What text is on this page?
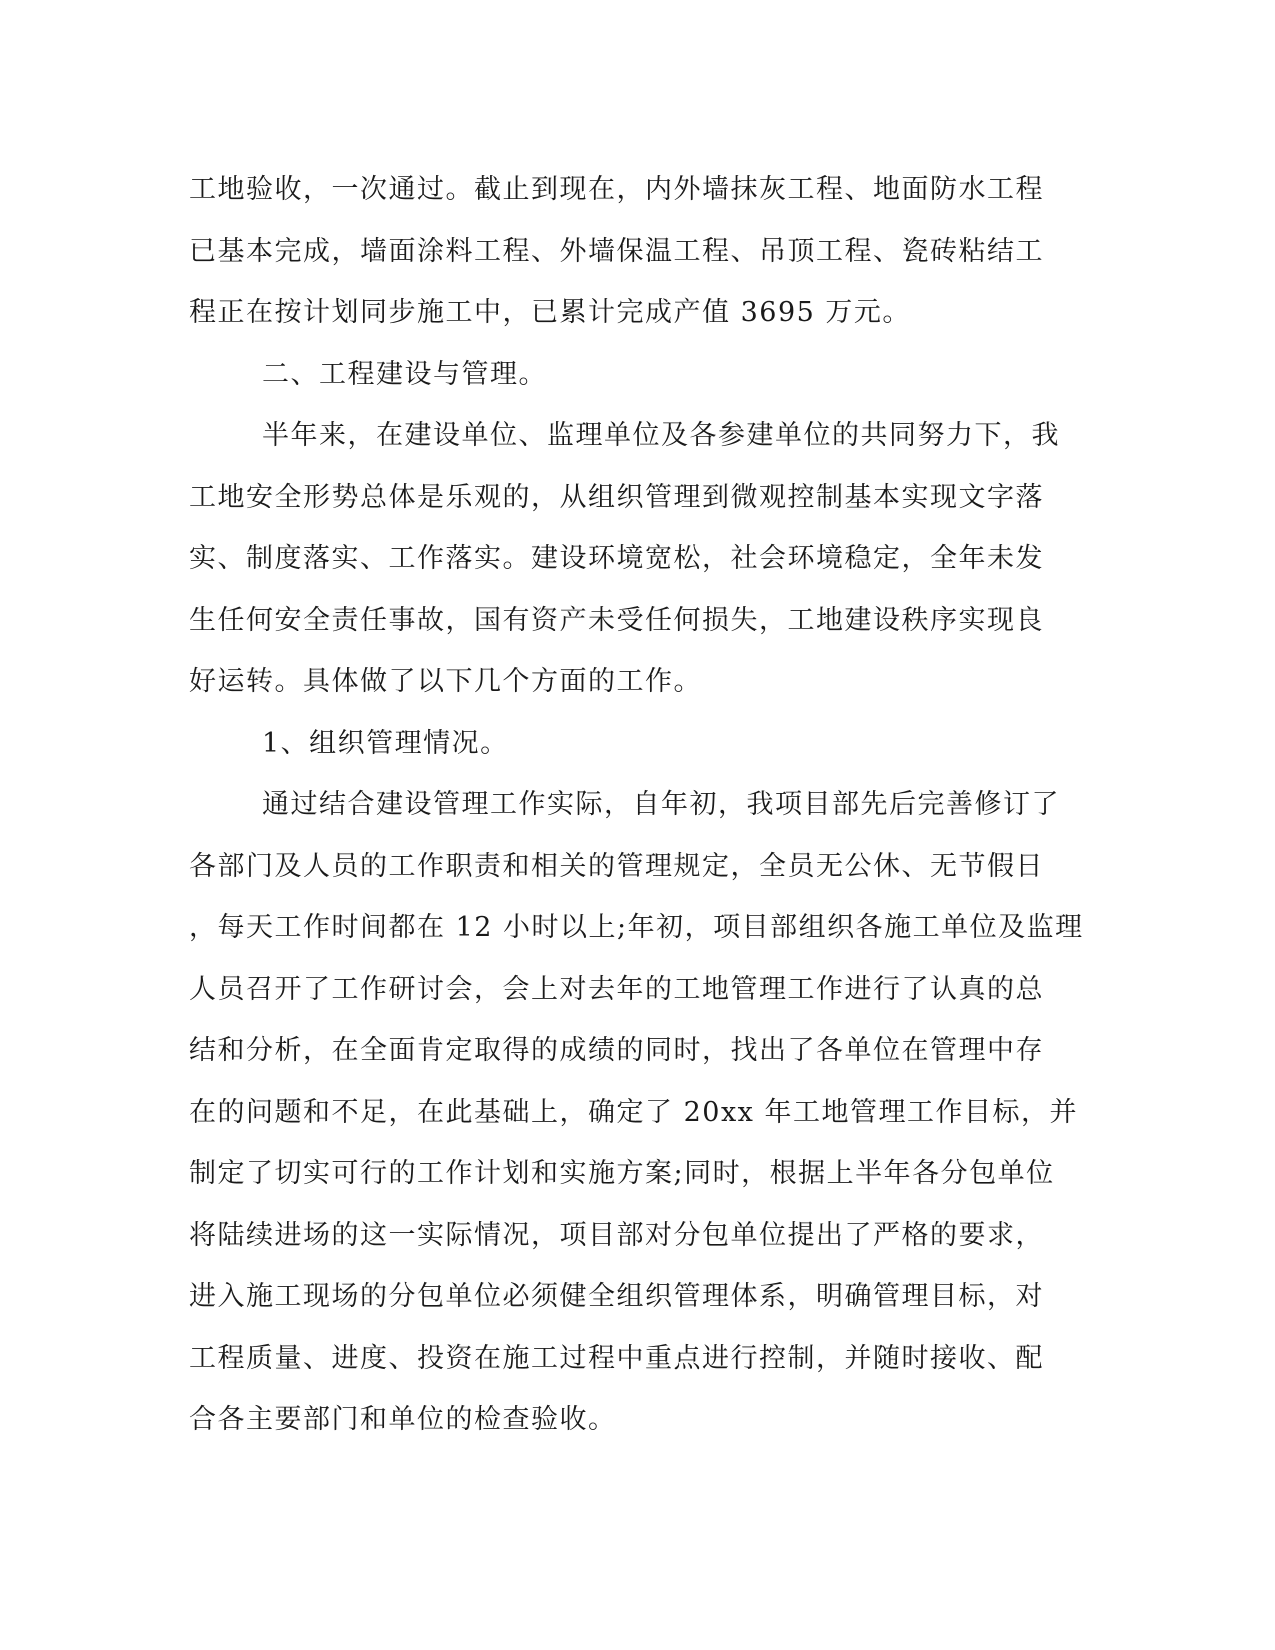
工地验收，一次通过。截止到现在，内外墙抹灰工程、地面防水工程
已基本完成，墙面涂料工程、外墙保温工程、吊顶工程、瓷砖粘结工
程正在按计划同步施工中，已累计完成产值 3695 万元。
二、工程建设与管理。
半年来，在建设单位、监理单位及各参建单位的共同努力下，我
工地安全形势总体是乐观的，从组织管理到微观控制基本实现文字落
实、制度落实、工作落实。建设环境宽松，社会环境稳定，全年未发
生任何安全责任事故，国有资产未受任何损失，工地建设秩序实现良
好运转。具体做了以下几个方面的工作。
1、组织管理情况。
通过结合建设管理工作实际，自年初，我项目部先后完善修订了
各部门及人员的工作职责和相关的管理规定，全员无公休、无节假日
，每天工作时间都在 12 小时以上;年初，项目部组织各施工单位及监理
人员召开了工作研讨会，会上对去年的工地管理工作进行了认真的总
结和分析，在全面肯定取得的成绩的同时，找出了各单位在管理中存
在的问题和不足，在此基础上，确定了 20xx 年工地管理工作目标，并
制定了切实可行的工作计划和实施方案;同时，根据上半年各分包单位
将陆续进场的这一实际情况，项目部对分包单位提出了严格的要求，
进入施工现场的分包单位必须健全组织管理体系，明确管理目标，对
工程质量、进度、投资在施工过程中重点进行控制，并随时接收、配
合各主要部门和单位的检查验收。
